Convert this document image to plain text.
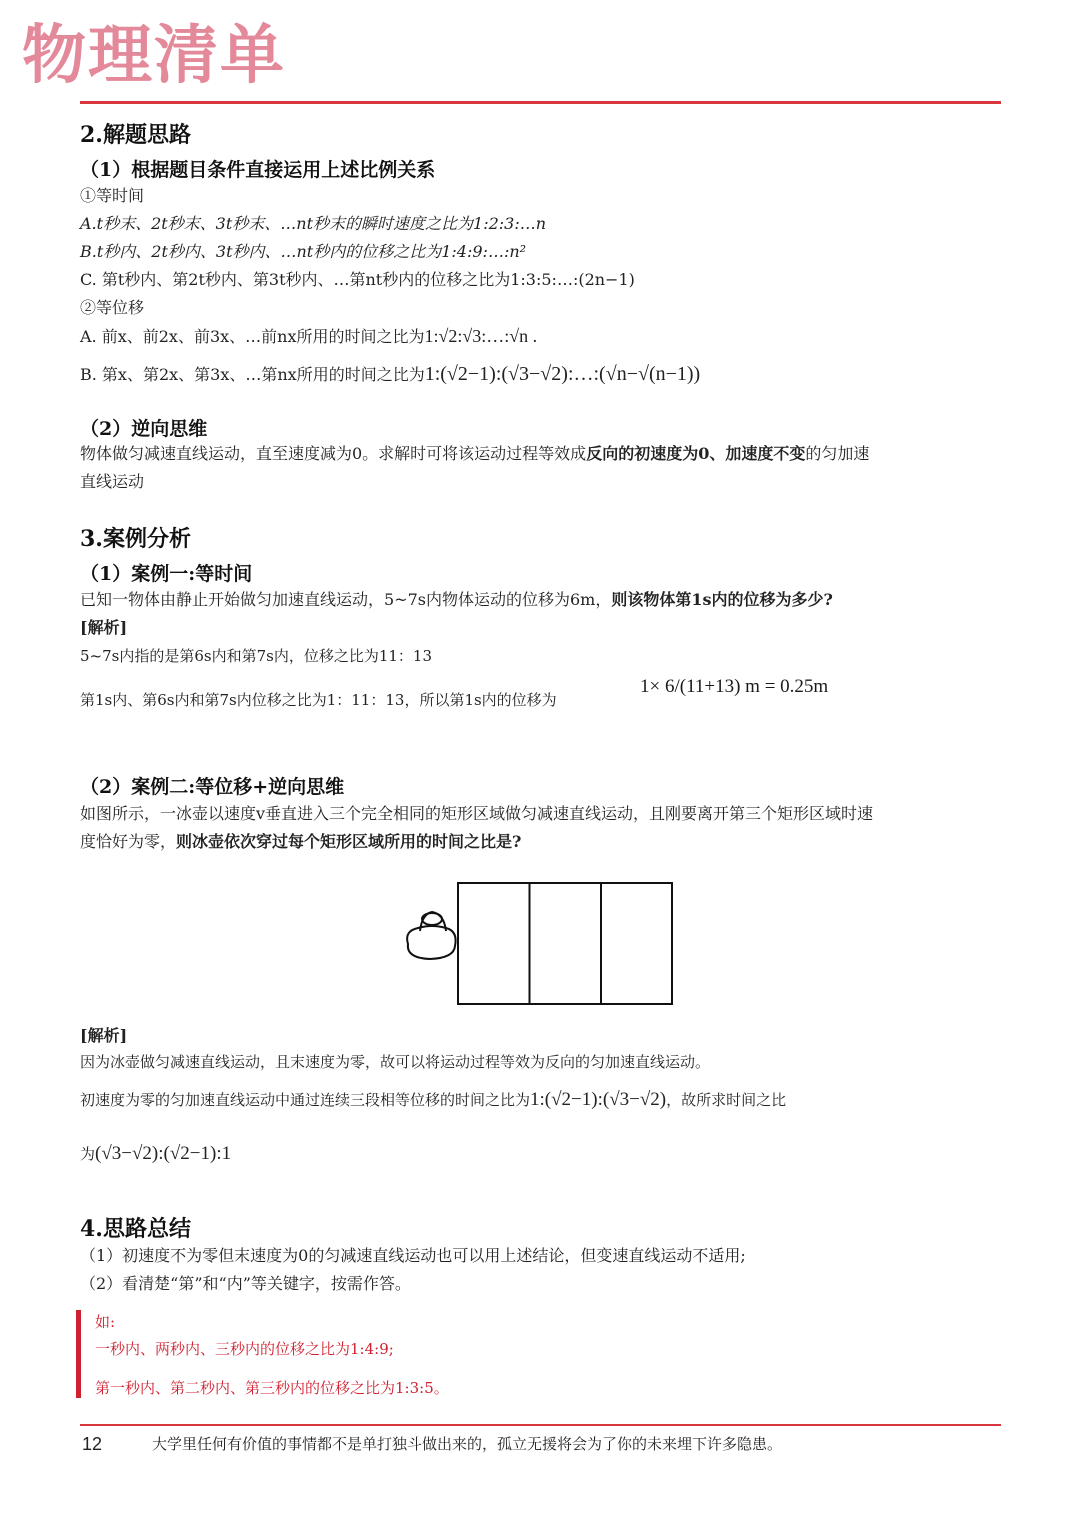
物理清单
2.解题思路
（1）根据题目条件直接运用上述比例关系
①等时间
A.t秒末、2t秒末、3t秒末、…nt秒末的瞬时速度之比为1:2:3:…n
B.t秒内、2t秒内、3t秒内、…nt秒内的位移之比为1:4:9:…:n²
C. 第t秒内、第2t秒内、第3t秒内、…第nt秒内的位移之比为1:3:5:…:(2n−1)
②等位移
A. 前x、前2x、前3x、…前nx所用的时间之比为1:√2:√3:…:√n .
B. 第x、第2x、第3x、…第nx所用的时间之比为1:(√2−1):(√3−√2):…:(√n−√(n−1))
（2）逆向思维
物体做匀减速直线运动，直至速度减为0。求解时可将该运动过程等效成反向的初速度为0、加速度不变的匀加速
直线运动
3.案例分析
（1）案例一:等时间
已知一物体由静止开始做匀加速直线运动，5~7s内物体运动的位移为6m，则该物体第1s内的位移为多少?
[解析]
5~7s内指的是第6s内和第7s内，位移之比为11：13
第1s内、第6s内和第7s内位移之比为1：11：13，所以第1s内的位移为
1× 6/(11+13) m = 0.25m
（2）案例二:等位移+逆向思维
如图所示，一冰壶以速度v垂直进入三个完全相同的矩形区域做匀减速直线运动，且刚要离开第三个矩形区域时速
度恰好为零，则冰壶依次穿过每个矩形区域所用的时间之比是?
[解析]
因为冰壶做匀减速直线运动，且末速度为零，故可以将运动过程等效为反向的匀加速直线运动。
初速度为零的匀加速直线运动中通过连续三段相等位移的时间之比为1:(√2−1):(√3−√2)，故所求时间之比
为(√3−√2):(√2−1):1
4.思路总结
（1）初速度不为零但末速度为0的匀减速直线运动也可以用上述结论，但变速直线运动不适用;
（2）看清楚“第”和“内”等关键字，按需作答。
如:
一秒内、两秒内、三秒内的位移之比为1:4:9;
第一秒内、第二秒内、第三秒内的位移之比为1:3:5。
12	大学里任何有价值的事情都不是单打独斗做出来的，孤立无援将会为了你的未来埋下许多隐患。
